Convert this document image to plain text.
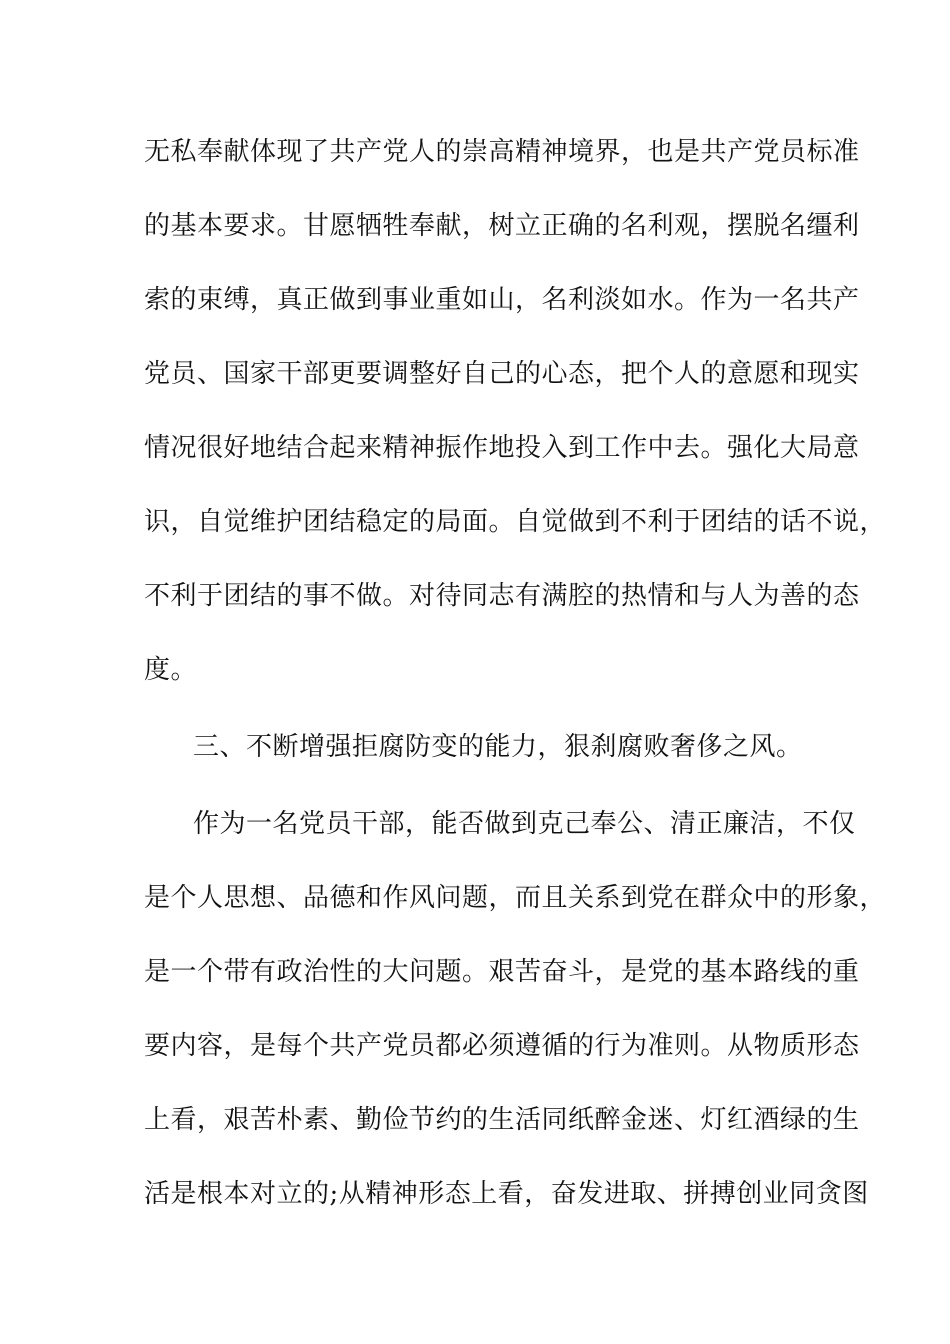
无私奉献体现了共产党人的崇高精神境界，也是共产党员标准
的基本要求。甘愿牺牲奉献，树立正确的名利观，摆脱名缰利
索的束缚，真正做到事业重如山，名利淡如水。作为一名共产
党员、国家干部更要调整好自己的心态，把个人的意愿和现实
情况很好地结合起来精神振作地投入到工作中去。强化大局意
识，自觉维护团结稳定的局面。自觉做到不利于团结的话不说，
不利于团结的事不做。对待同志有满腔的热情和与人为善的态
度。
三、不断增强拒腐防变的能力，狠刹腐败奢侈之风。
作为一名党员干部，能否做到克己奉公、清正廉洁，不仅
是个人思想、品德和作风问题，而且关系到党在群众中的形象，
是一个带有政治性的大问题。艰苦奋斗，是党的基本路线的重
要内容，是每个共产党员都必须遵循的行为准则。从物质形态
上看，艰苦朴素、勤俭节约的生活同纸醉金迷、灯红酒绿的生
活是根本对立的;从精神形态上看，奋发进取、拼搏创业同贪图
